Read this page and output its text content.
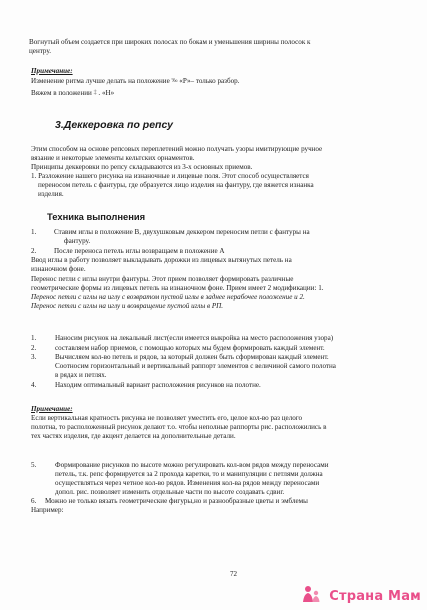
Вогнутый объем создается при широких полосах по бокам и уменьшения ширины полосок к
центру.
Примечание:
Изменение ритма лучше делать на положение ‰ «Р»– только разбор.
Вяжем в положении ‡ . «Н»
3.Деккеровка по репсу
Этим способом на основе репсовых переплетений можно получать узоры имитирующие ручное
вязание и некоторые элементы кельтских орнаментов.
Принципы деккеровки по репсу складываются из 3-х основных приемов.
1. Разложение нашего рисунка на изнаночные и лицевые поля. Этот способ осуществляется
переносом петель с фантуры, где образуется лицо изделия на фантуру, где вяжется изнанка
изделия.
Техника выполнения
1. Ставим иглы в положение В, двухушковым деккером переносим петли с фантуры на
фантуру.
2. После переноса петель иглы возвращаем в положение А
Ввод иглы в работу позволяет выкладывать дорожки из лицевых вытянутых петель на
изнаночном фоне.
Перенос петли с иглы внутри фантуры. Этот прием позволяет формировать различные
геометрические формы из лицевых петель на изнаночном фоне. Прием имеет 2 модификации: 1.
Перенос петли с иглы на иглу с возвратом пустой иглы в заднее нерабочее положение и 2.
Перенос петли с иглы на иглу и возвращение пустой иглы в РП.
1.	Наносим рисунок на лекальный лист(если имеется выкройка на место расположения узора)
2.	составляем набор приемов, с помощью которых мы будем формировать каждый элемент.
3.	Вычисляем кол-во петель и рядов, за который должен быть сформирован каждый элемент.
Соотносим горизонтальный и вертикальный раппорт элементов с величиной самого полотна
в рядах и петлях.
4.	Находим оптимальный вариант расположения рисунков на полотне.
Примечание:
Если вертикальная кратность рисунка не позволяет уместить его, целое кол-во раз целого
полотна, то расположенный рисунок делают т.о. чтобы неполные раппорты рис. расположились в
тех частях изделия, где акцент делается на дополнительные детали.
5.	Формирование рисунков по высоте можно регулировать кол-вом рядов между переносами
петель, т.к. репс формируется за 2 прохода каретки, то и манипуляции с петлями должна
осуществляться через четное кол-во рядов. Изменения кол-ва рядов между переносами
допол. рис. позволяет изменить отдельные части по высоте создавать сдвиг.
6. Можно не только вязать геометрические фигуры,но и разнообразные цветы и эмблемы
Например:
72
Страна Мам
